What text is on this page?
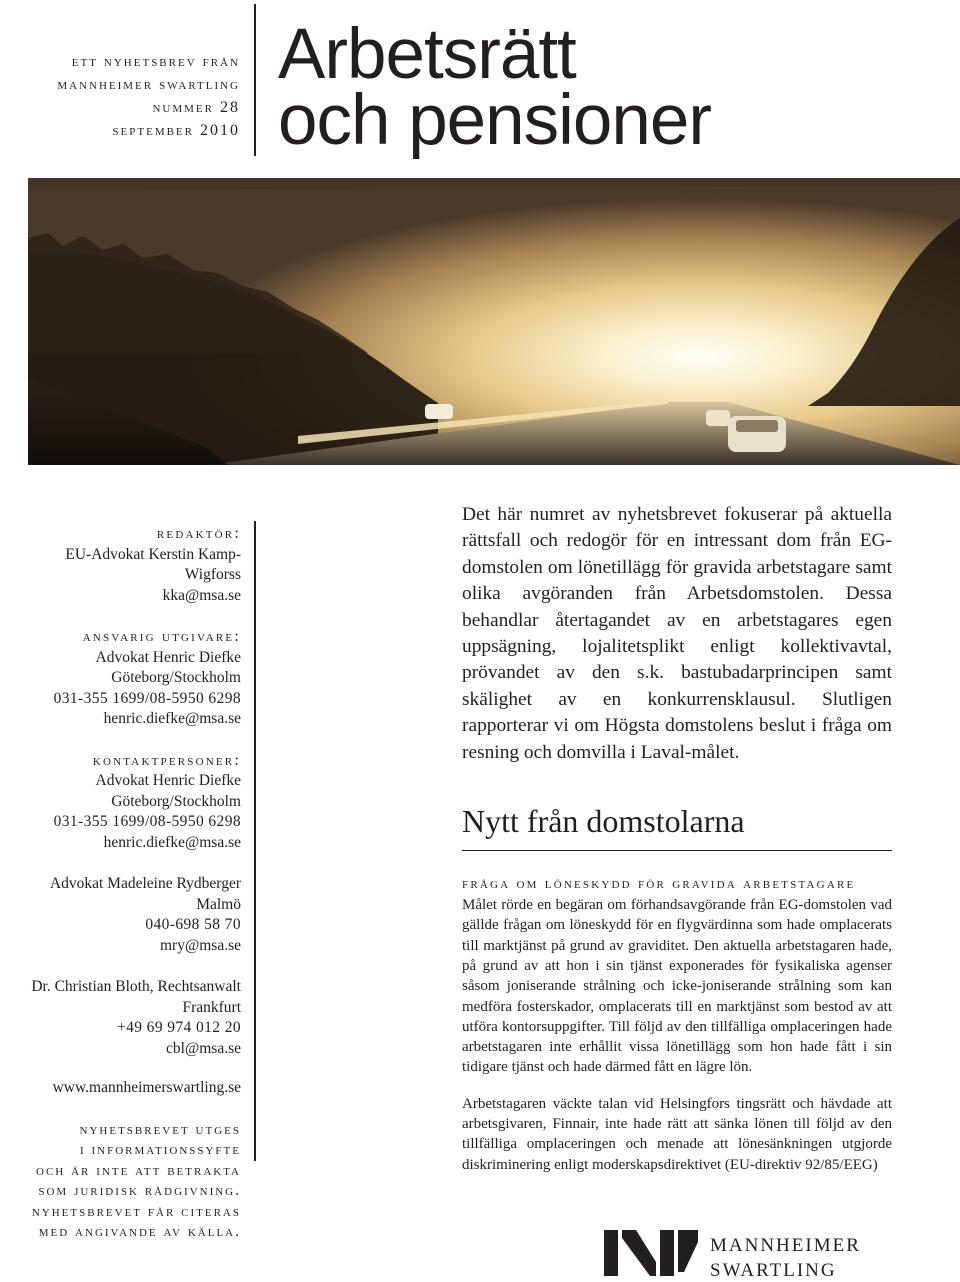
ett nyhetsbrev från
mannheimer swartling
nummer 28
september 2010
Arbetsrätt
och pensioner
redaktör:
EU-Advokat Kerstin Kamp-Wigforss
kka@msa.se
ansvarig utgivare:
Advokat Henric Diefke
Göteborg/Stockholm
031-355 1699/08-5950 6298
henric.diefke@msa.se
kontaktpersoner:
Advokat Henric Diefke
Göteborg/Stockholm
031-355 1699/08-5950 6298
henric.diefke@msa.se
Advokat Madeleine Rydberger
Malmö
040-698 58 70
mry@msa.se
Dr. Christian Bloth, Rechtsanwalt
Frankfurt
+49 69 974 012 20
cbl@msa.se
www.mannheimerswartling.se
nyhetsbrevet utges
i informationssyfte
och är inte att betrakta
som juridisk rådgivning.
nyhetsbrevet får citeras
med angivande av källa.

Det här numret av nyhetsbrevet fokuserar på aktuella rättsfall och redogör för en intressant dom från EG-domstolen om lönetillägg för gravida arbetstagare samt olika avgöranden från Arbetsdomstolen. Dessa behandlar återtagandet av en arbetstagares egen uppsägning, lojalitetsplikt enligt kollektivavtal, prövandet av den s.k. bastubadarprincipen samt skälighet av en konkurrensklausul. Slutligen rapporterar vi om Högsta domstolens beslut i fråga om resning och domvilla i Laval-målet.

Nytt från domstolarna
fråga om löneskydd för gravida arbetstagare

Målet rörde en begäran om förhandsavgörande från EG-domstolen vad gällde frågan om löneskydd för en flygvärdinna som hade omplacerats till marktjänst på grund av graviditet. Den aktuella arbetstagaren hade, på grund av att hon i sin tjänst exponerades för fysikaliska agenser såsom joniserande strålning och icke-joniserande strålning som kan medföra fosterskador, omplacerats till en marktjänst som bestod av att utföra kontorsuppgifter. Till följd av den tillfälliga omplaceringen hade arbetstagaren inte erhållit vissa lönetillägg som hon hade fått i sin tidigare tjänst och hade därmed fått en lägre lön.

Arbetstagaren väckte talan vid Helsingfors tingsrätt och hävdade att arbetsgivaren, Finnair, inte hade rätt att sänka lönen till följd av den tillfälliga omplaceringen och menade att lönesänkningen utgjorde diskriminering enligt moderskapsdirektivet (EU-direktiv 92/85/EEG)

mannheimer
swartling
